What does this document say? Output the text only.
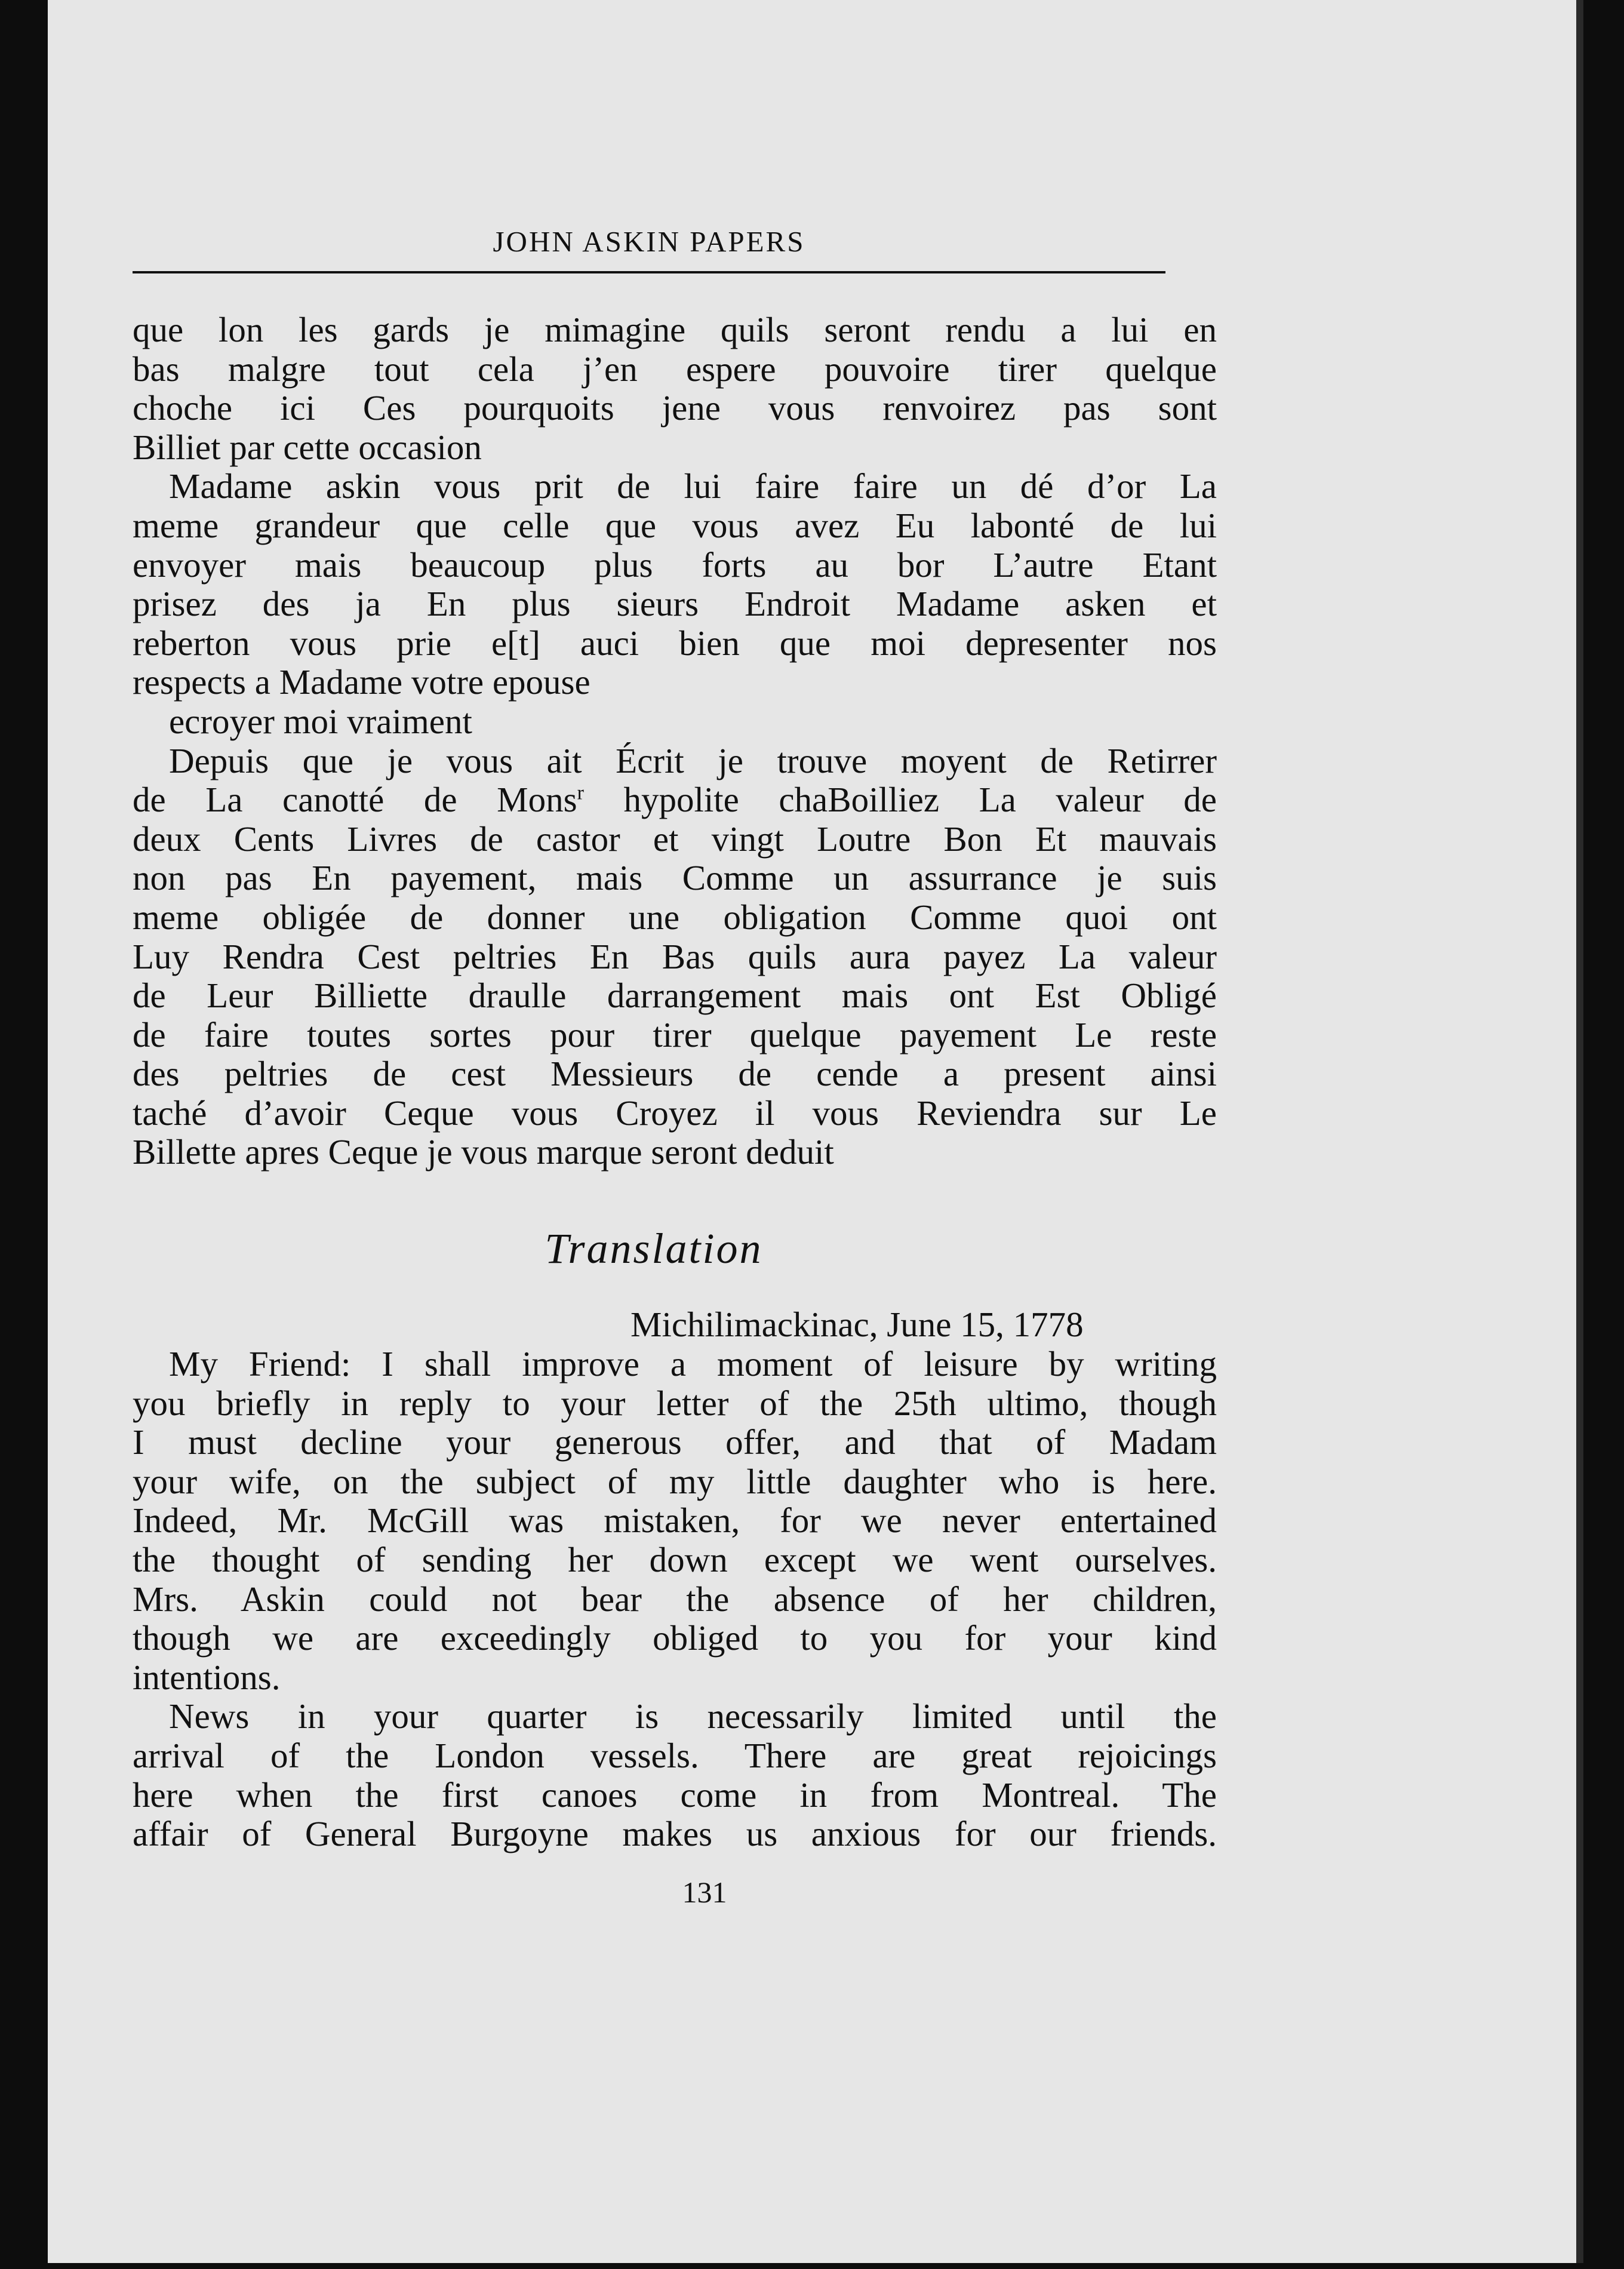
JOHN ASKIN PAPERS
que lon les gards je mimagine quils seront rendu a lui en
bas malgre tout cela j’en espere pouvoire tirer quelque
choche ici Ces pourquoits jene vous renvoirez pas sont
Billiet par cette occasion
Madame askin vous prit de lui faire faire un dé d’or La
meme grandeur que celle que vous avez Eu labonté de lui
envoyer mais beaucoup plus forts au bor L’autre Etant
prisez des ja En plus sieurs Endroit Madame asken et
reberton vous prie e[t] auci bien que moi depresenter nos
respects a Madame votre epouse
ecroyer moi vraiment
Depuis que je vous ait Écrit je trouve moyent de Retirrer
de La canotté de Mons$^r$ hypolite chaBoilliez La valeur de
deux Cents Livres de castor et vingt Loutre Bon Et mauvais
non pas En payement, mais Comme un assurrance je suis
meme obligée de donner une obligation Comme quoi ont
Luy Rendra Cest peltries En Bas quils aura payez La valeur
de Leur Billiette draulle darrangement mais ont Est Obligé
de faire toutes sortes pour tirer quelque payement Le reste
des peltries de cest Messieurs de cende a present ainsi
taché d’avoir Ceque vous Croyez il vous Reviendra sur Le
Billette apres Ceque je vous marque seront deduit
Translation
Michilimackinac, June 15, 1778
My Friend: I shall improve a moment of leisure by writing
you briefly in reply to your letter of the 25th ultimo, though
I must decline your generous offer, and that of Madam
your wife, on the subject of my little daughter who is here.
Indeed, Mr. McGill was mistaken, for we never entertained
the thought of sending her down except we went ourselves.
Mrs. Askin could not bear the absence of her children,
though we are exceedingly obliged to you for your kind
intentions.
News in your quarter is necessarily limited until the
arrival of the London vessels. There are great rejoicings
here when the first canoes come in from Montreal. The
affair of General Burgoyne makes us anxious for our friends.
131
